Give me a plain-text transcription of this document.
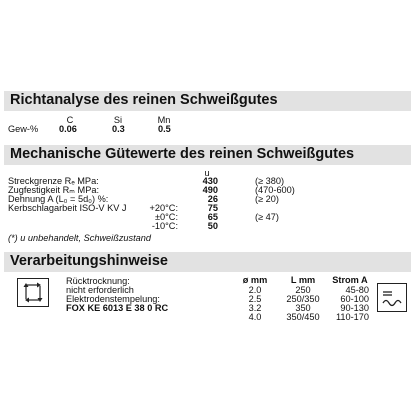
Richtanalyse des reinen Schweißgutes
C	Si	Mn
Gew-% 0.06	0.3	0.5
Mechanische Gütewerte des reinen Schweißgutes
u
Streckgrenze Rₑ MPa:	430	(≥ 380)
Zugfestigkeit Rₘ MPa:	490	(470-600)
Dehnung A (L₀ = 5d₀) %:	26	(≥ 20)
Kerbschlagarbeit ISO-V KV J	+20°C:	75
±0°C:	65	(≥ 47)
-10°C:	50
(*) u unbehandelt, Schweißzustand
Verarbeitungshinweise
Rücktrocknung:
nicht erforderlich
Elektrodenstempelung:
FOX KE 6013 E 38 0 RC
ø mm	L mm	Strom A
2.0	250	45-80
2.5	250/350	60-100
3.2	350	90-130
4.0	350/450	110-170
